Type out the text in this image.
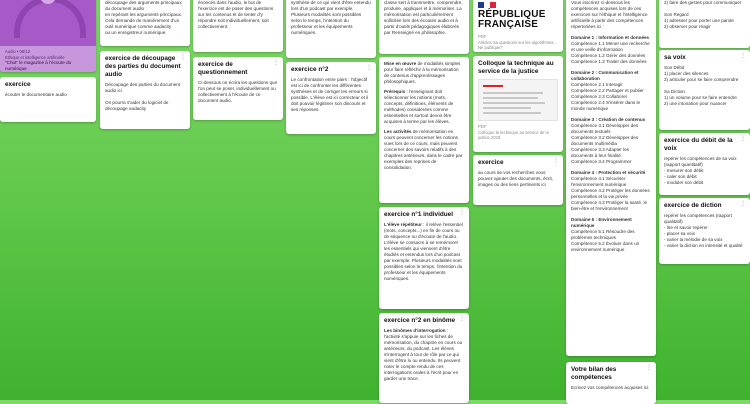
Audio • 08/12
Ethique et intelligence artificielle
"Chut" le magazine à l'écoute du numérique
exercice
écouter le documentaire audio
découpage des arguments principaux du document audio
en repérant les arguments principaux. Cela demande de manièrement d'un outil numérique comme audacity
ou un enregistreur numérique.
⋮
exercice de découpage des parties du document audio
Découpage des parties du document audio ici

On pourra s'aider du logiciel de découpage audacity
énoncés dans l'audio, le but de l'exercice est de poser des questions sur les contenus et de tenter d'y répondre soit individuellement, soit collectivement.
⋮
exercice de questionnement
Ci-dessous on écrira les questions que l'on peut se poser, individuellement ou collectivement à l'écoute de ce document audio.
synthèse de ce qui vient d'être entendu lors d'un podcast par exemple. Plusieurs modalités sont possibles selon le temps, l'intention du professeur et les équipements numériques.
⋮
exercice n°2
Le confrontation entre pairs : l'objectif est ici de confronter les différentes synthèses et de corriger les erreurs si possible. L'élève est ici correcteur et il doit pouvoir légitimer son discours et ses réponses.
classe sert à transmettre, comprendre, produire, appliquer et à mémoriser. La mémorisation est particulièrement sollicitée lors des écoutes audio et à partir d'outils pédagogiques élaborés par Renseigné en philosophie.
Mise en œuvre de modalités simples pour faire réfléchir à la mémorisation de contenus d'apprentissages philosophiques.
Prérequis : l'enseignant doit sélectionner les notions (mots, concepts, définitions, éléments de méthodes) considérées comme essentielles et surtout devoir être acquises à terme par les élèves.
Les activités de mémorisation en cours peuvent concerner les notions vues lors de ce cours, mais peuvent concerner des savoirs relatifs à des chapitres antérieurs, dans le cadre par exemples des reprises de consolidation.
⋮
exercice n°1 individuel
L'élève répétiteur : il relève l'essentiel (mots, concepts...) en fin de cours ou de séquence ou d'écoute de l'audio. L'élève se consacre à se remémorer les essentiels qui viennent d'être étudiés et entendus lors d'un podcast par exemple. Plusieurs modalités sont possibles selon le temps, l'intention du professeur et les équipements numériques.
⋮
exercice n°2 en binôme
Les binômes d'interrogation : l'activité s'appuie sur les fiches de mémorisation, du chapitre en cours ou antérieurs, du podcast. Les élèves s'interrogent à tour de rôle par ce qui vient d'être lu ou entendu. Ils peuvent noter le compte rendu de ces interrogations orales à l'écrit pour en garder une trace.
RÉPUBLIQUE
FRANÇAISE
PDF
Articles Sa questions sur les algorithmes... Ne publique?
Colloque la technique au service de la justice
PDF
Colloque la technique au service de la justice 2019
⋮
exercice
au cours de vos recherches vous pouvez ajouter des documents, écrit, images ou des liens pertinents ici
Vous inscrirez ci-dessous les compétences acquises lors de ces exercices sur l'éthique et l'intelligence artificielle à partir des compétences répertoriées ici :
Domaine 1 : Information et données
Compétence 1.1 Mener une recherche et une veille d'information
Compétence 1.2 Gérer des données
Compétence 1.3 Traiter des données
Domaine 2 : Communication et collaboration
Compétence 2.1 Interagir
Compétence 2.2 Partager et publier
Compétence 2.3 Collaborer
Compétence 2.4 S'insérer dans le monde numérique
Domaine 3 : Création de contenus
Compétence 3.1 Développer des documents textuels
Compétence 3.2 Développer des documents multimédia
Compétence 3.3 Adapter les documents à leur finalité
Compétence 3.4 Programmer
Domaine 4 : Protection et sécurité
Compétence 4.1 Sécuriser l'environnement numérique
Compétence 4.2 Protéger les données personnelles et la vie privée
Compétence 4.3 Protéger la santé, le bien-être et l'environnement
Domaine 5 : Environnement numérique
Compétence 5.1 Résoudre des problèmes techniques
Compétence 5.2 Évoluer dans un environnement numérique
⋮
Votre bilan des compétences
Ecrivez vos compétences acquises ici.
2) faire des gestes pour communiquer

Son Regard
1) adresser pour porter une parole
2) observer pour réagir
⋮
sa voix
Son Débit
1) placer des silences
2) articuler pour se faire comprendre

Sa Diction
1) un volume pour se faire entendre
2) une intonation pour nuancer
⋮
exercice du débit de la voix
repérer les compétences de sa voix (rapport quantitatif)
- mesurer son débit
- caler son débit
- moduler son débit
⋮
exercice de diction
repérer les compétences (rapport qualitatif)
- lire et savoir repérer
- placer sa voix
- varier la mélodie de sa voix
- varier la diction en intensité et qualité
